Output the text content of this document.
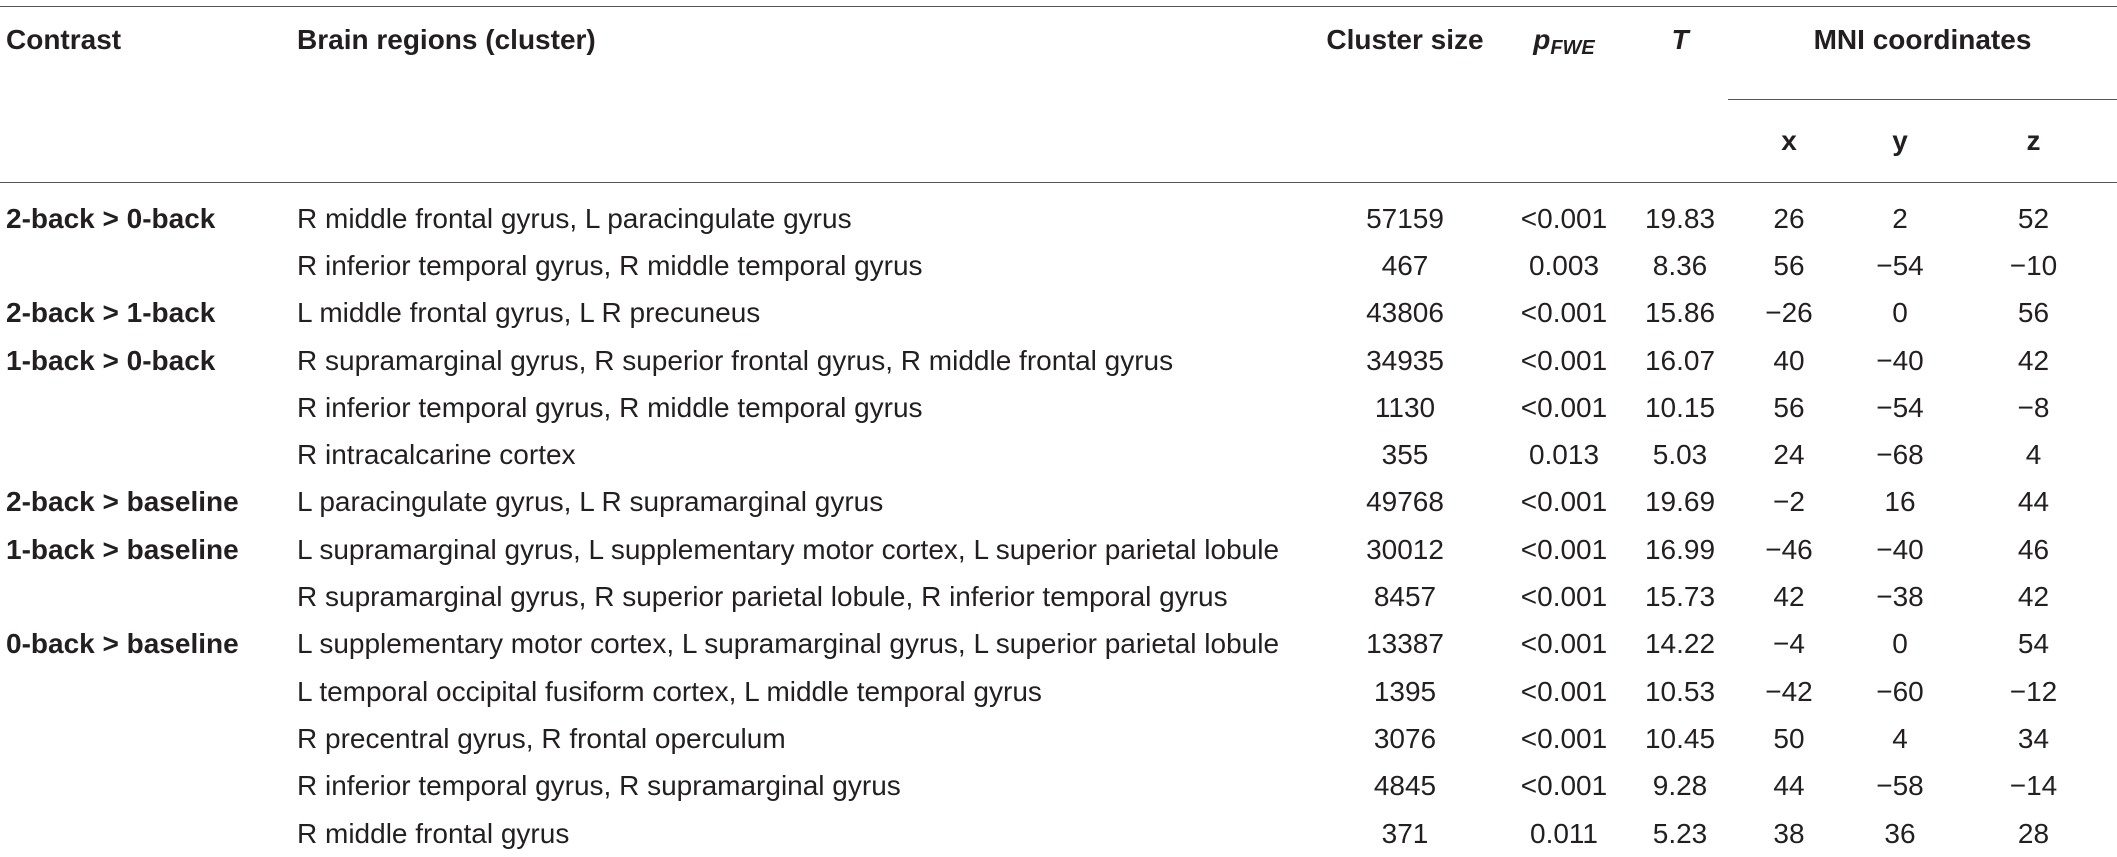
Contrast	Brain regions (cluster)	Cluster size	pFWE	T	MNI coordinates		
					x	y	z
2-back > 0-back	R middle frontal gyrus, L paracingulate gyrus	57159	<0.001	19.83	26	2	52
	R inferior temporal gyrus, R middle temporal gyrus	467	0.003	8.36	56	−54	−10
2-back > 1-back	L middle frontal gyrus, L R precuneus	43806	<0.001	15.86	−26	0	56
1-back > 0-back	R supramarginal gyrus, R superior frontal gyrus, R middle frontal gyrus	34935	<0.001	16.07	40	−40	42
	R inferior temporal gyrus, R middle temporal gyrus	1130	<0.001	10.15	56	−54	−8
	R intracalcarine cortex	355	0.013	5.03	24	−68	4
2-back > baseline	L paracingulate gyrus, L R supramarginal gyrus	49768	<0.001	19.69	−2	16	44
1-back > baseline	L supramarginal gyrus, L supplementary motor cortex, L superior parietal lobule	30012	<0.001	16.99	−46	−40	46
	R supramarginal gyrus, R superior parietal lobule, R inferior temporal gyrus	8457	<0.001	15.73	42	−38	42
0-back > baseline	L supplementary motor cortex, L supramarginal gyrus, L superior parietal lobule	13387	<0.001	14.22	−4	0	54
	L temporal occipital fusiform cortex, L middle temporal gyrus	1395	<0.001	10.53	−42	−60	−12
	R precentral gyrus, R frontal operculum	3076	<0.001	10.45	50	4	34
	R inferior temporal gyrus, R supramarginal gyrus	4845	<0.001	9.28	44	−58	−14
	R middle frontal gyrus	371	0.011	5.23	38	36	28
